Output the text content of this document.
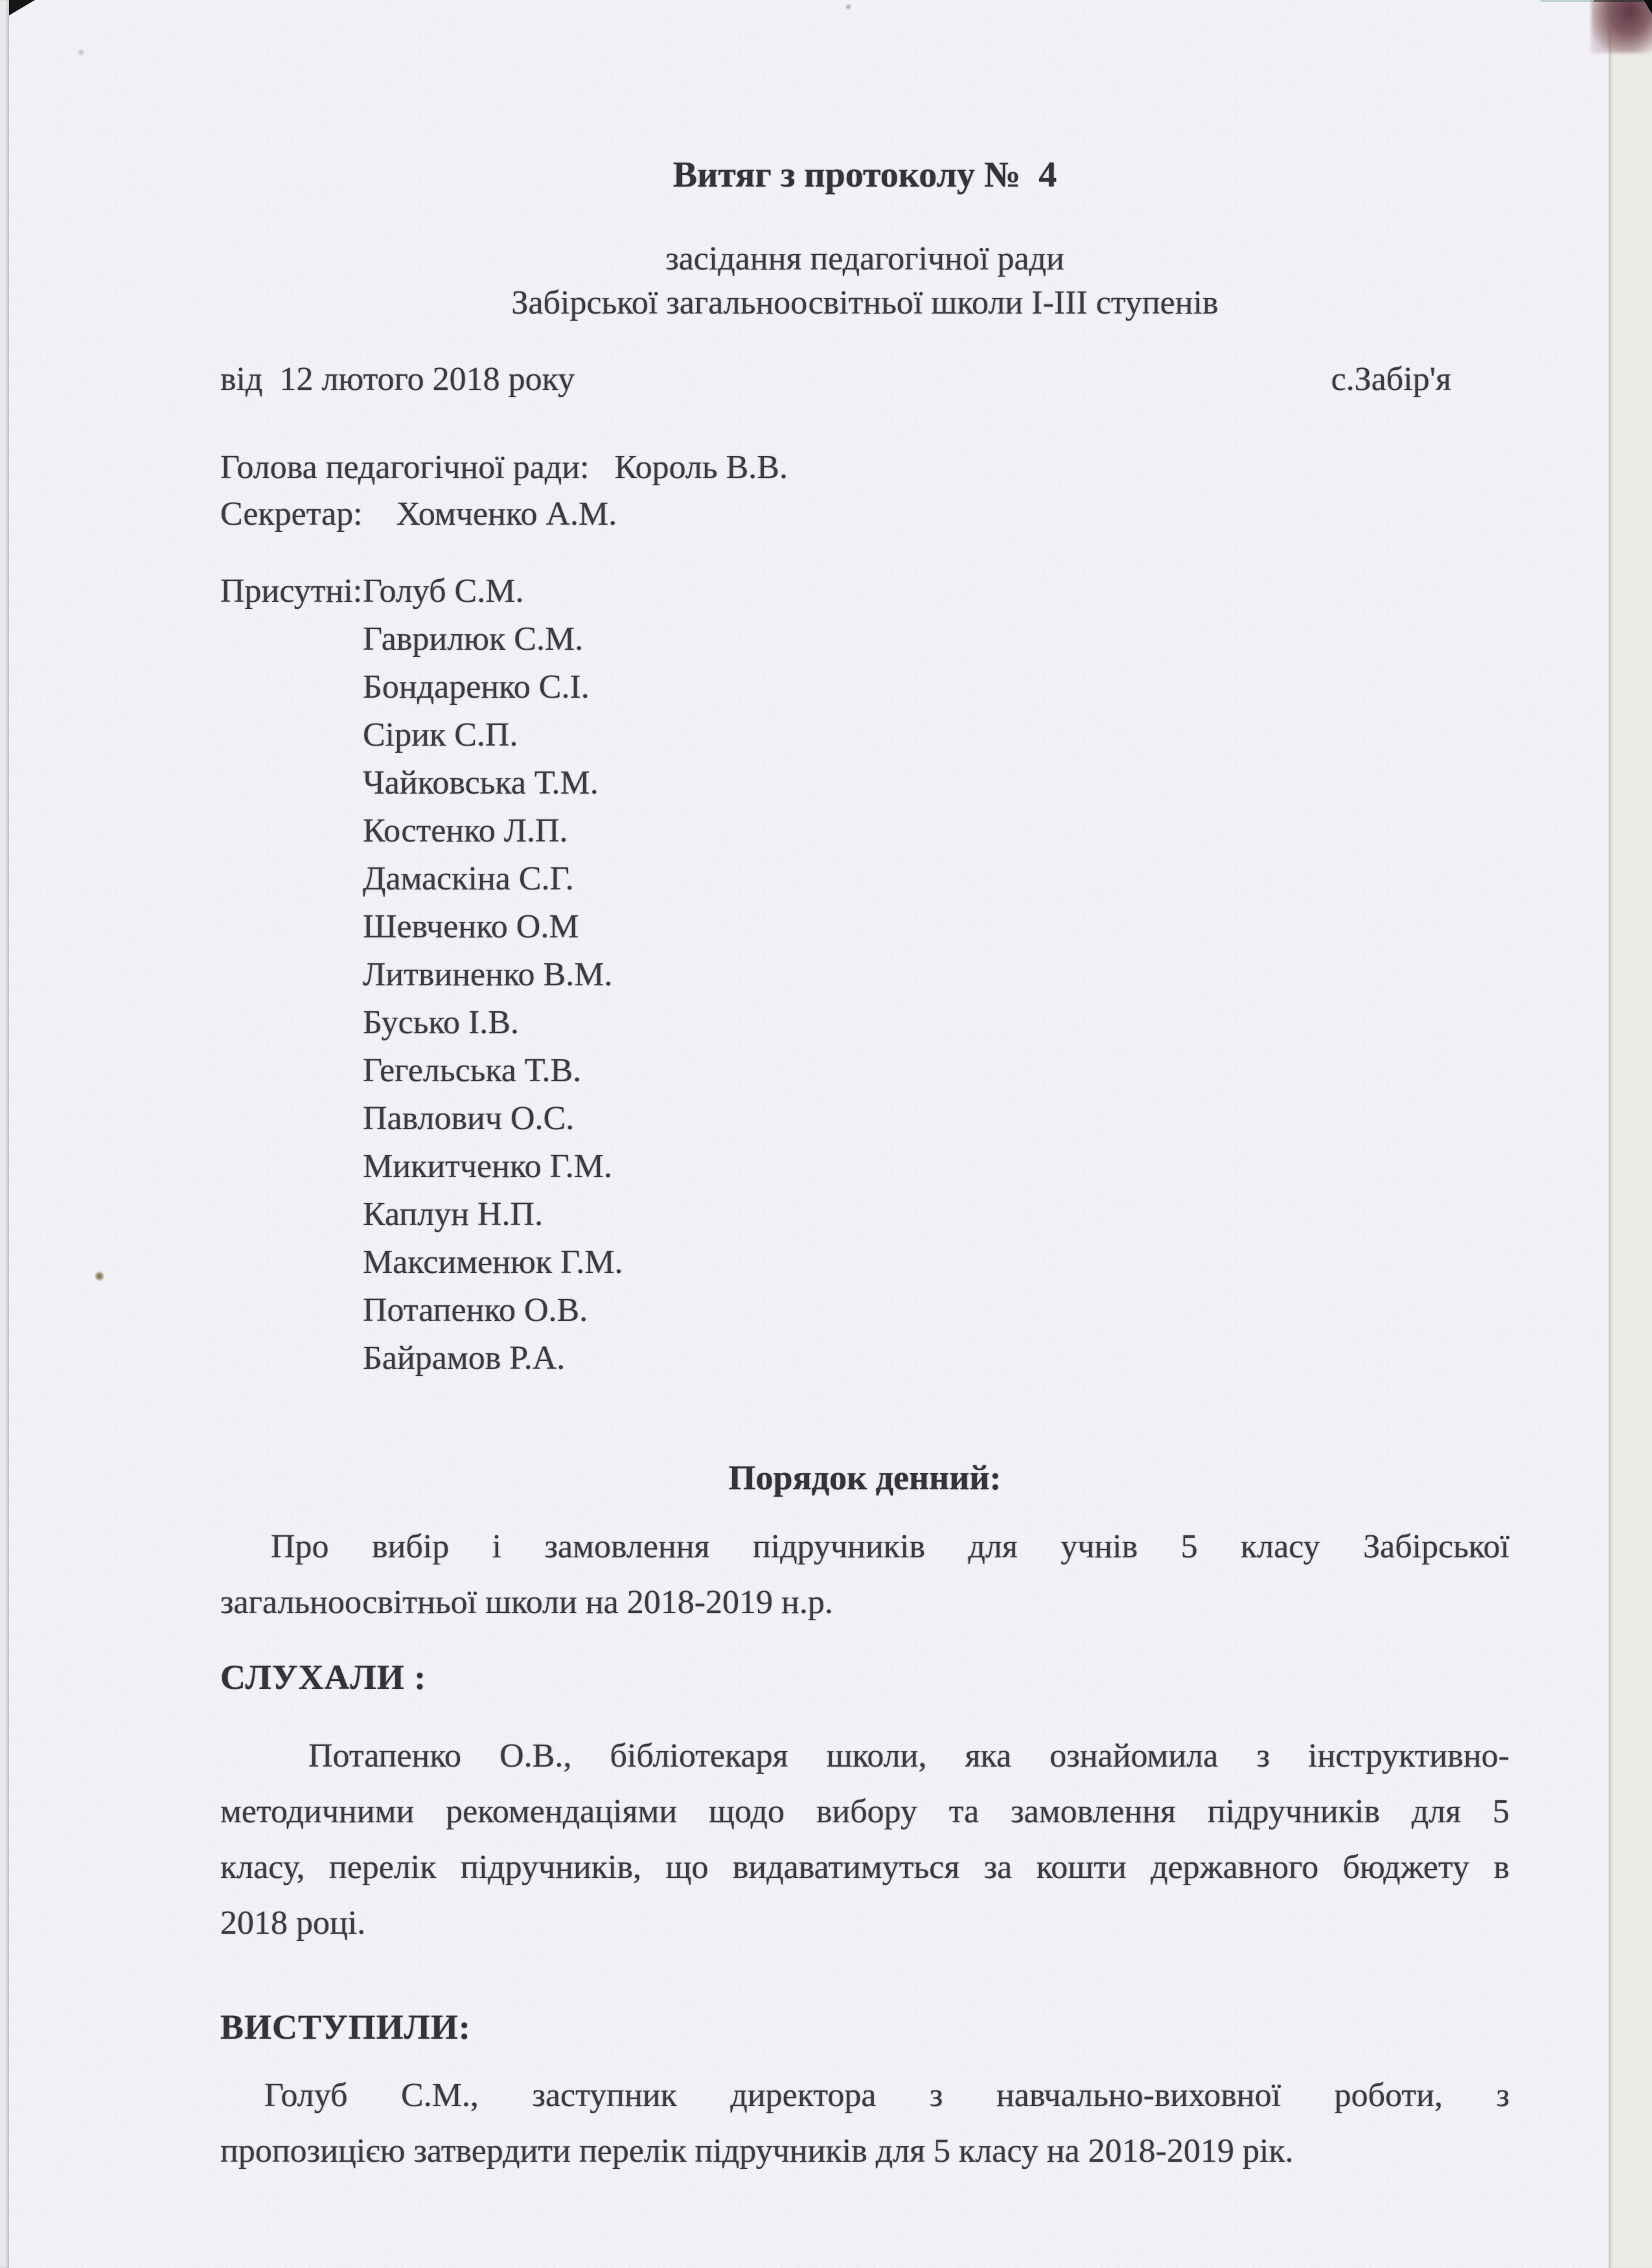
Витяг з протоколу №  4
засідання педагогічної ради
Забірської загальноосвітньої школи І-ІІІ ступенів
від  12 лютого 2018 року	с.Забір'я
Голова педагогічної ради:   Король В.В.
Секретар:    Хомченко А.М.
Присутні: Голуб С.М.
Гаврилюк С.М.
Бондаренко С.І.
Сірик С.П.
Чайковська Т.М.
Костенко Л.П.
Дамаскіна С.Г.
Шевченко О.М
Литвиненко В.М.
Бусько І.В.
Гегельська Т.В.
Павлович О.С.
Микитченко Г.М.
Каплун Н.П.
Максименюк Г.М.
Потапенко О.В.
Байрамов Р.А.
Порядок денний:
Про вибір і замовлення підручників для учнів 5 класу Забірської
загальноосвітньої школи на 2018-2019 н.р.
СЛУХАЛИ :
Потапенко О.В., бібліотекаря школи, яка ознайомила з інструктивно-
методичними рекомендаціями щодо вибору та замовлення підручників для 5
класу, перелік підручників, що видаватимуться за кошти державного бюджету в
2018 році.
ВИСТУПИЛИ:
Голуб С.М., заступник директора з навчально-виховної роботи, з
пропозицією затвердити перелік підручників для 5 класу на 2018-2019 рік.
